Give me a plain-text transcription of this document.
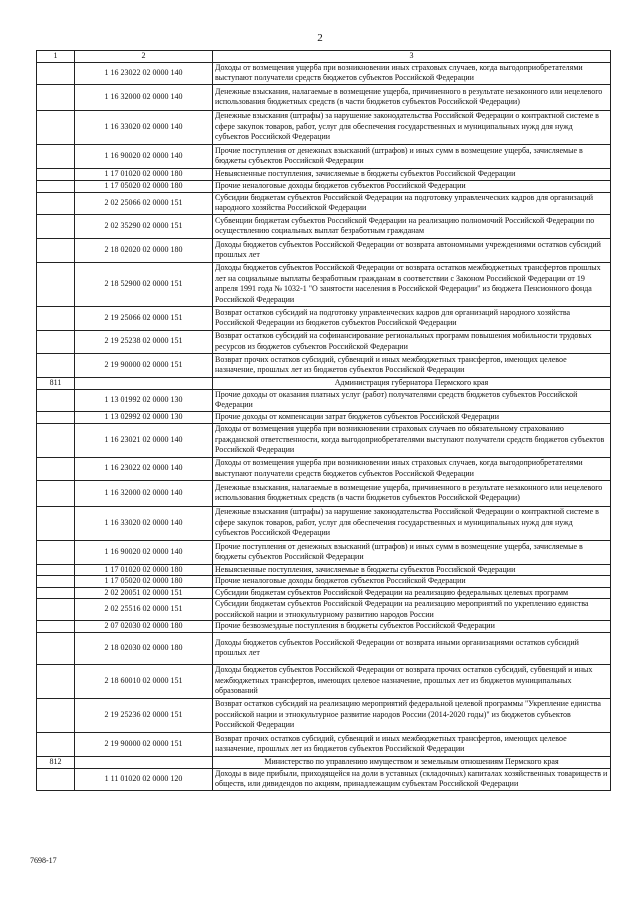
2
1	2	3
	1 16 23022 02 0000 140	Доходы от возмещения ущерба при возникновении иных страховых случаев, когда выгодоприобретателями выступают получатели средств бюджетов субъектов Российской Федерации
	1 16 32000 02 0000 140	Денежные взыскания, налагаемые в возмещение ущерба, причиненного в результате незаконного или нецелевого использования бюджетных средств (в части бюджетов субъектов Российской Федерации)
	1 16 33020 02 0000 140	Денежные взыскания (штрафы) за нарушение законодательства Российской Федерации о контрактной системе в сфере закупок товаров, работ, услуг для обеспечения государственных и муниципальных нужд для нужд субъектов Российской Федерации
	1 16 90020 02 0000 140	Прочие поступления от денежных взысканий (штрафов) и иных сумм в возмещение ущерба, зачисляемые в бюджеты субъектов Российской Федерации
	1 17 01020 02 0000 180	Невыясненные поступления, зачисляемые в бюджеты субъектов Российской Федерации
	1 17 05020 02 0000 180	Прочие неналоговые доходы бюджетов субъектов Российской Федерации
	2 02 25066 02 0000 151	Субсидии бюджетам субъектов Российской Федерации на подготовку управленческих кадров для организаций народного хозяйства Российской Федерации
	2 02 35290 02 0000 151	Субвенции бюджетам субъектов Российской Федерации на реализацию полномочий Российской Федерации по осуществлению социальных выплат безработным гражданам
	2 18 02020 02 0000 180	Доходы бюджетов субъектов Российской Федерации от возврата автономными учреждениями остатков субсидий прошлых лет
	2 18 52900 02 0000 151	Доходы бюджетов субъектов Российской Федерации от возврата остатков межбюджетных трансфертов прошлых лет на социальные выплаты безработным гражданам в соответствии с Законом Российской Федерации от 19 апреля 1991 года № 1032-1 "О занятости населения в Российской Федерации" из бюджета Пенсионного фонда Российской Федерации
	2 19 25066 02 0000 151	Возврат остатков субсидий на подготовку управленческих кадров для организаций народного хозяйства Российской Федерации из бюджетов субъектов Российской Федерации
	2 19 25238 02 0000 151	Возврат остатков субсидий на софинансирование региональных программ повышения мобильности трудовых ресурсов из бюджетов субъектов Российской Федерации
	2 19 90000 02 0000 151	Возврат прочих остатков субсидий, субвенций и иных межбюджетных трансфертов, имеющих целевое назначение, прошлых лет из бюджетов субъектов Российской Федерации
811		Администрация губернатора Пермского края
	1 13 01992 02 0000 130	Прочие доходы от оказания платных услуг (работ) получателями средств бюджетов субъектов Российской Федерации
	1 13 02992 02 0000 130	Прочие доходы от компенсации затрат бюджетов субъектов Российской Федерации
	1 16 23021 02 0000 140	Доходы от возмещения ущерба при возникновении страховых случаев по обязательному страхованию гражданской ответственности, когда выгодоприобретателями выступают получатели средств бюджетов субъектов Российской Федерации
	1 16 23022 02 0000 140	Доходы от возмещения ущерба при возникновении иных страховых случаев, когда выгодоприобретателями выступают получатели средств бюджетов субъектов Российской Федерации
	1 16 32000 02 0000 140	Денежные взыскания, налагаемые в возмещение ущерба, причиненного в результате незаконного или нецелевого использования бюджетных средств (в части бюджетов субъектов Российской Федерации)
	1 16 33020 02 0000 140	Денежные взыскания (штрафы) за нарушение законодательства Российской Федерации о контрактной системе в сфере закупок товаров, работ, услуг для обеспечения государственных и муниципальных нужд для нужд субъектов Российской Федерации
	1 16 90020 02 0000 140	Прочие поступления от денежных взысканий (штрафов) и иных сумм в возмещение ущерба, зачисляемые в бюджеты субъектов Российской Федерации
	1 17 01020 02 0000 180	Невыясненные поступления, зачисляемые в бюджеты субъектов Российской Федерации
	1 17 05020 02 0000 180	Прочие неналоговые доходы бюджетов субъектов Российской Федерации
	2 02 20051 02 0000 151	Субсидии бюджетам субъектов Российской Федерации на реализацию федеральных целевых программ
	2 02 25516 02 0000 151	Субсидии бюджетам субъектов Российской Федерации на реализацию мероприятий по укреплению единства российской нации и этнокультурному развитию народов России
	2 07 02030 02 0000 180	Прочие безвозмездные поступления в бюджеты субъектов Российской Федерации
	2 18 02030 02 0000 180	Доходы бюджетов субъектов Российской Федерации от возврата иными организациями остатков субсидий прошлых лет
	2 18 60010 02 0000 151	Доходы бюджетов субъектов Российской Федерации от возврата прочих остатков субсидий, субвенций и иных межбюджетных трансфертов, имеющих целевое назначение, прошлых лет из бюджетов муниципальных образований
	2 19 25236 02 0000 151	Возврат остатков субсидий на реализацию мероприятий федеральной целевой программы "Укрепление единства российской нации и этнокультурное развитие народов России (2014-2020 годы)" из бюджетов субъектов Российской Федерации
	2 19 90000 02 0000 151	Возврат прочих остатков субсидий, субвенций и иных межбюджетных трансфертов, имеющих целевое назначение, прошлых лет из бюджетов субъектов Российской Федерации
812		Министерство по управлению имуществом и земельным отношениям Пермского края
	1 11 01020 02 0000 120	Доходы в виде прибыли, приходящейся на доли в уставных (складочных) капиталах хозяйственных товариществ и обществ, или дивидендов по акциям, принадлежащим субъектам Российской Федерации
7698-17
